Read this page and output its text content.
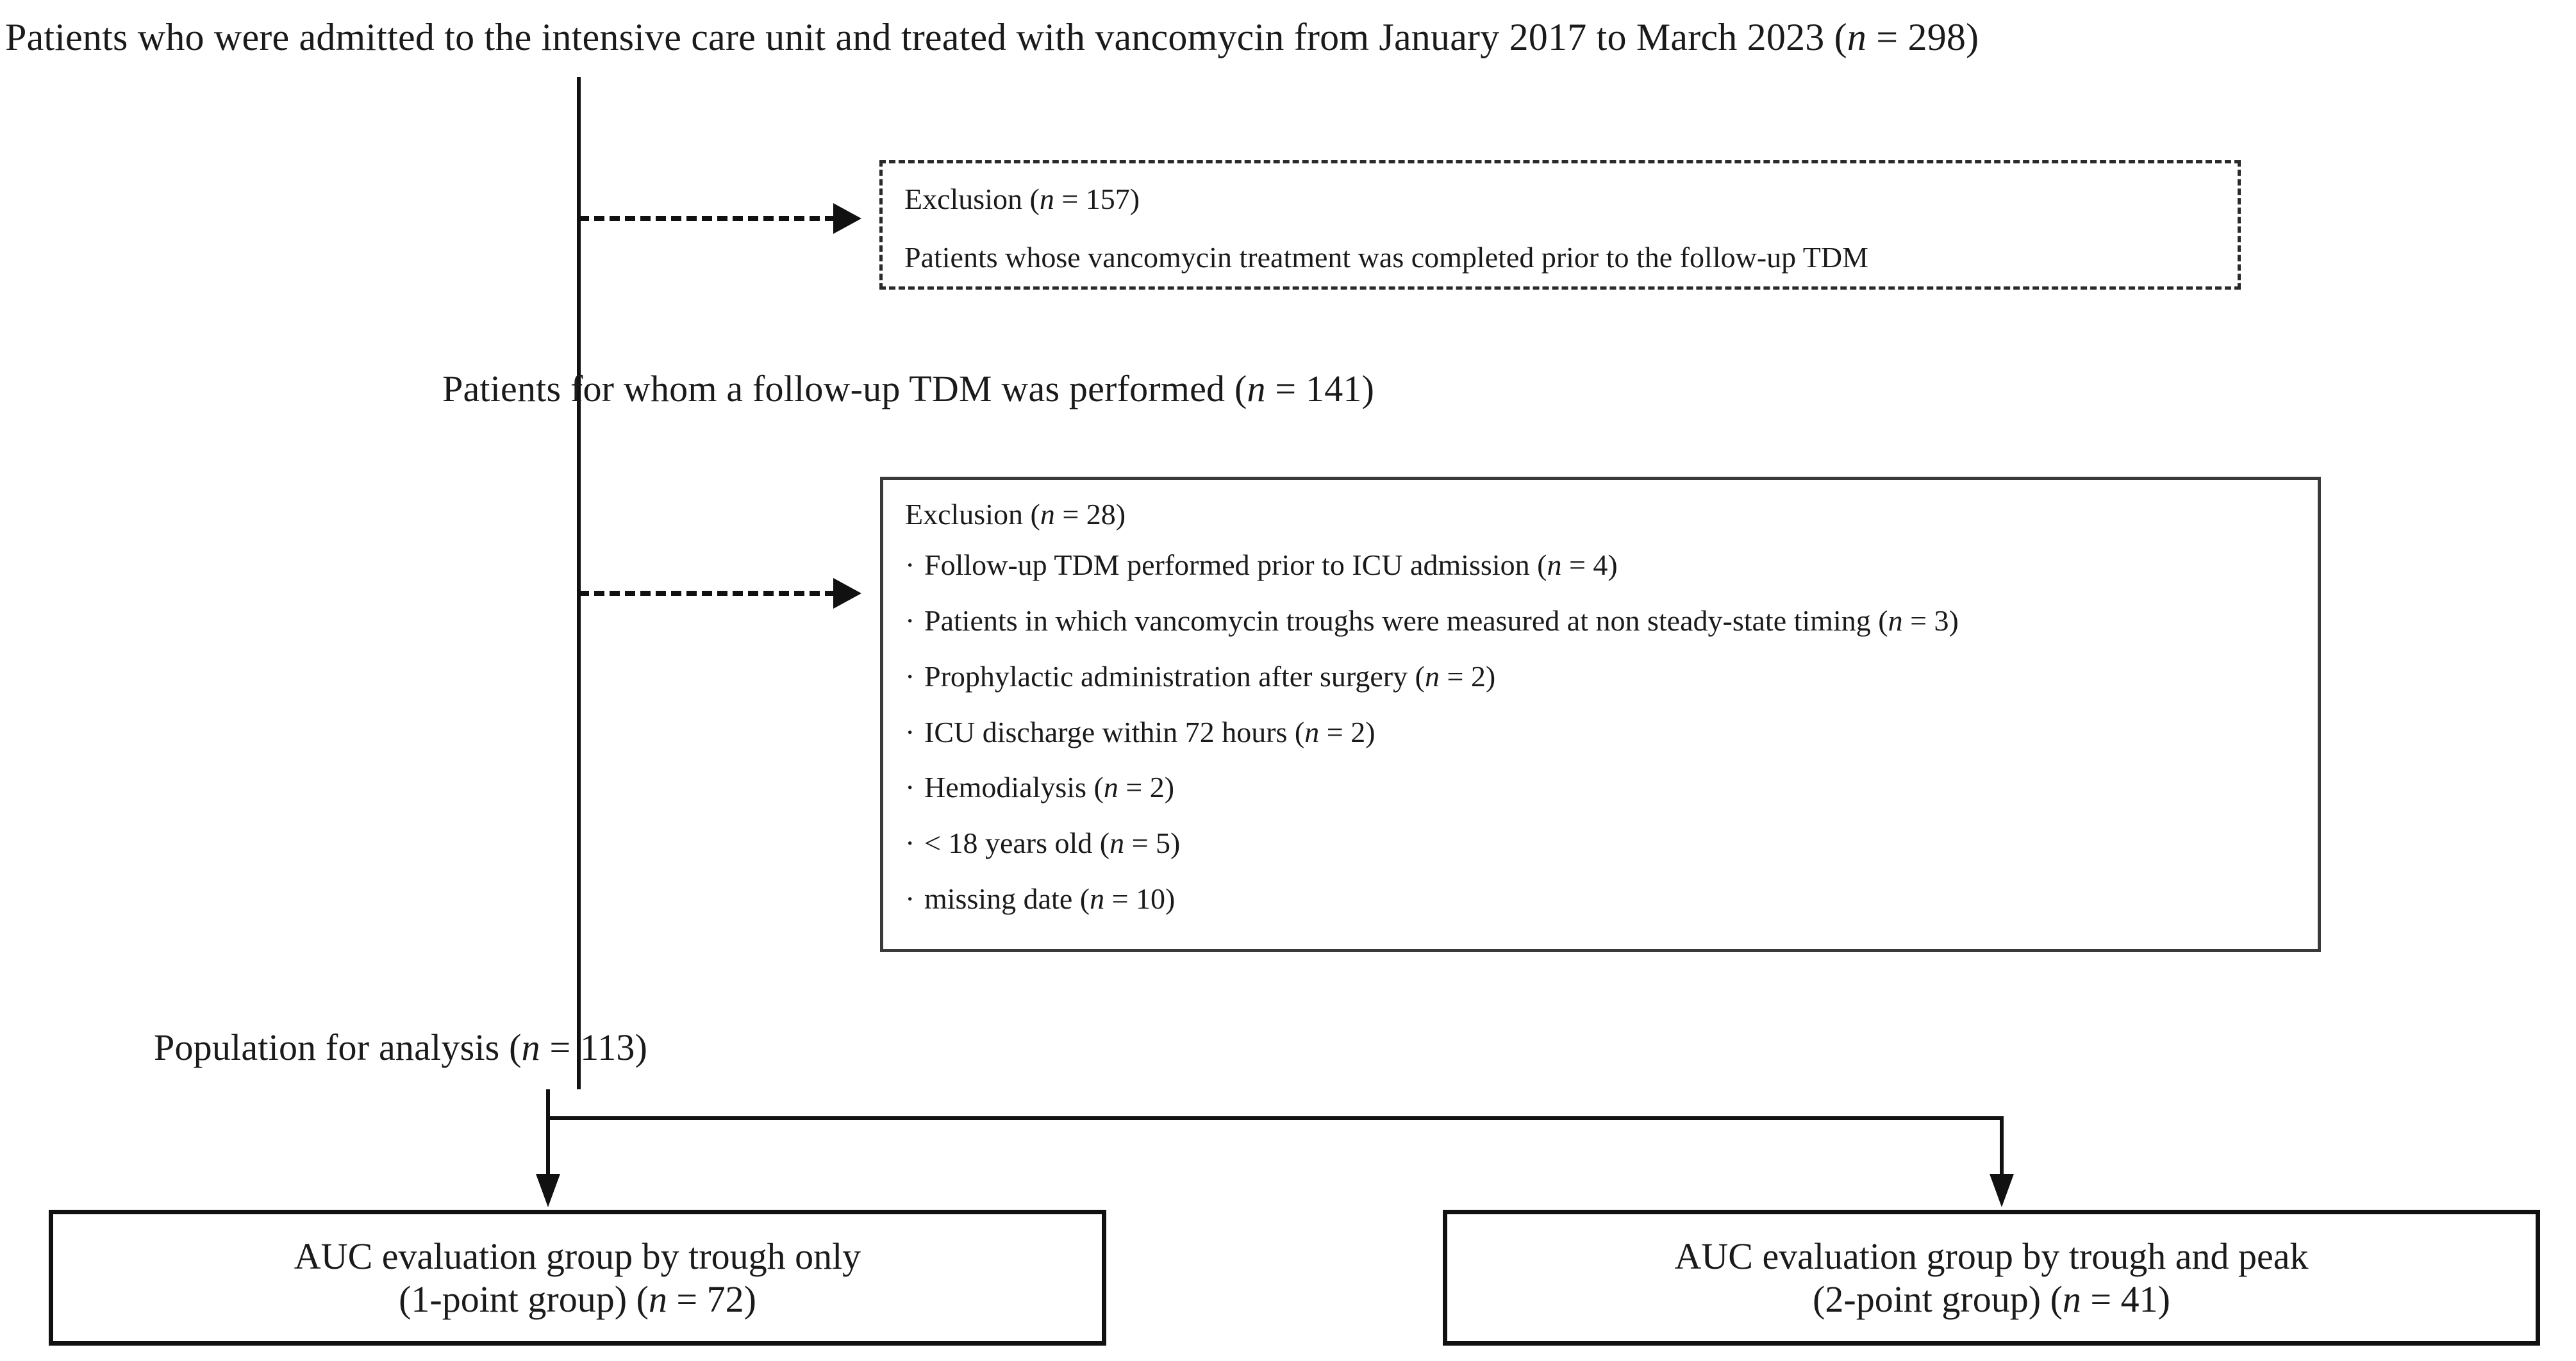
Patients who were admitted to the intensive care unit and treated with vancomycin from January 2017 to March 2023 (n = 298)
Exclusion (n = 157)
Patients whose vancomycin treatment was completed prior to the follow-up TDM
Patients for whom a follow-up TDM was performed (n = 141)
Exclusion (n = 28)
· Follow-up TDM performed prior to ICU admission (n = 4)
· Patients in which vancomycin troughs were measured at non steady-state timing (n = 3)
· Prophylactic administration after surgery (n = 2)
· ICU discharge within 72 hours (n = 2)
· Hemodialysis (n = 2)
· < 18 years old (n = 5)
· missing date (n = 10)
Population for analysis (n = 113)
AUC evaluation group by trough only
(1-point group) (n = 72)
AUC evaluation group by trough and peak
(2-point group) (n = 41)
